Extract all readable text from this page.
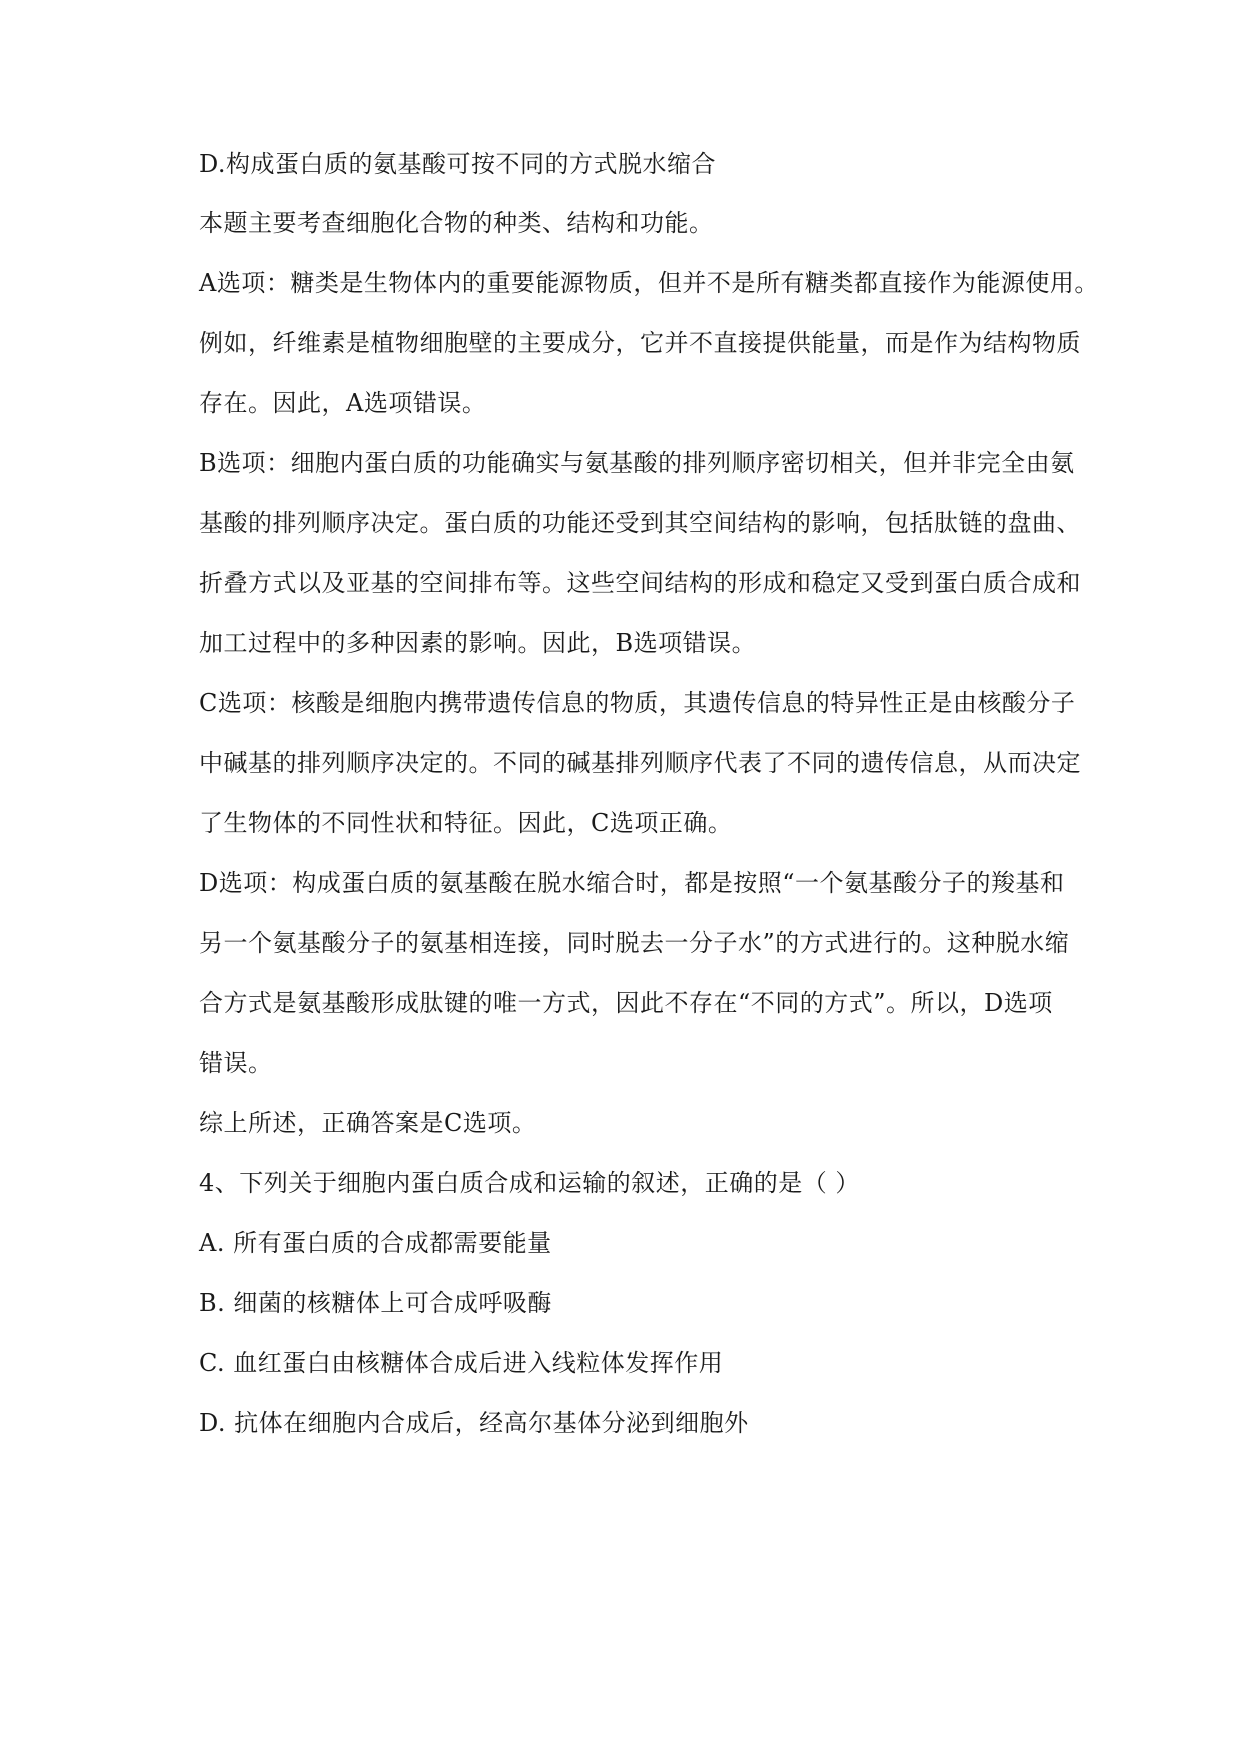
D.构成蛋白质的氨基酸可按不同的方式脱水缩合
本题主要考查细胞化合物的种类、结构和功能。
A选项：糖类是生物体内的重要能源物质，但并不是所有糖类都直接作为能源使用。
例如，纤维素是植物细胞壁的主要成分，它并不直接提供能量，而是作为结构物质
存在。因此，A选项错误。
B选项：细胞内蛋白质的功能确实与氨基酸的排列顺序密切相关，但并非完全由氨
基酸的排列顺序决定。蛋白质的功能还受到其空间结构的影响，包括肽链的盘曲、
折叠方式以及亚基的空间排布等。这些空间结构的形成和稳定又受到蛋白质合成和
加工过程中的多种因素的影响。因此，B选项错误。
C选项：核酸是细胞内携带遗传信息的物质，其遗传信息的特异性正是由核酸分子
中碱基的排列顺序决定的。不同的碱基排列顺序代表了不同的遗传信息，从而决定
了生物体的不同性状和特征。因此，C选项正确。
D选项：构成蛋白质的氨基酸在脱水缩合时，都是按照“一个氨基酸分子的羧基和
另一个氨基酸分子的氨基相连接，同时脱去一分子水”的方式进行的。这种脱水缩
合方式是氨基酸形成肽键的唯一方式，因此不存在“不同的方式”。所以，D选项
错误。
综上所述，正确答案是C选项。
4、下列关于细胞内蛋白质合成和运输的叙述，正确的是（ ）
A. 所有蛋白质的合成都需要能量
B. 细菌的核糖体上可合成呼吸酶
C. 血红蛋白由核糖体合成后进入线粒体发挥作用
D. 抗体在细胞内合成后，经高尔基体分泌到细胞外
